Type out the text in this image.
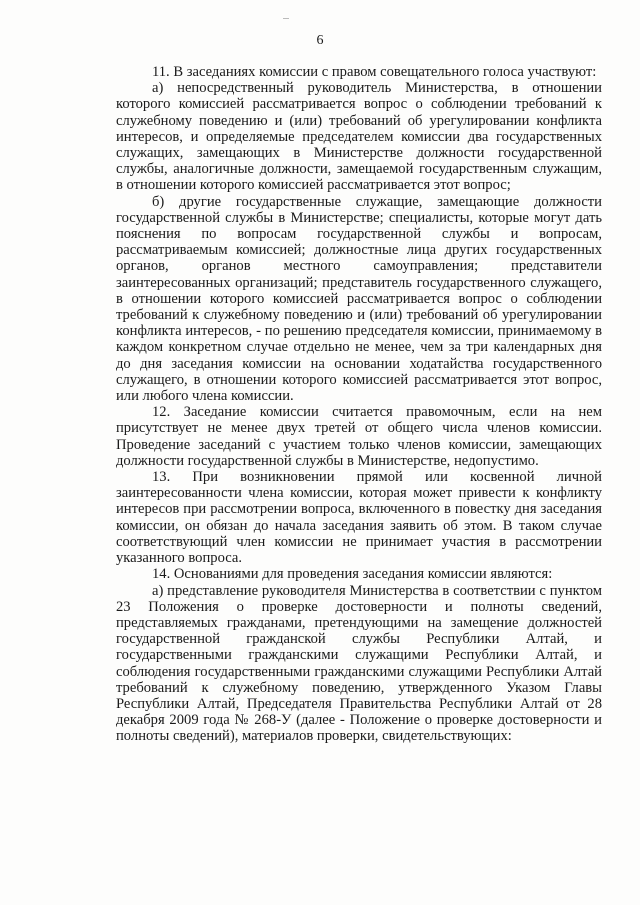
6

11. В заседаниях комиссии с правом совещательного голоса участвуют:

а) непосредственный руководитель Министерства, в отношении которого комиссией рассматривается вопрос о соблюдении требований к служебному поведению и (или) требований об урегулировании конфликта интересов, и определяемые председателем комиссии два государственных служащих, замещающих в Министерстве должности государственной службы, аналогичные должности, замещаемой государственным служащим, в отношении которого комиссией рассматривается этот вопрос;

б) другие государственные служащие, замещающие должности государственной службы в Министерстве; специалисты, которые могут дать пояснения по вопросам государственной службы и вопросам, рассматриваемым комиссией; должностные лица других государственных органов, органов местного самоуправления; представители заинтересованных организаций; представитель государственного служащего, в отношении которого комиссией рассматривается вопрос о соблюдении требований к служебному поведению и (или) требований об урегулировании конфликта интересов, - по решению председателя комиссии, принимаемому в каждом конкретном случае отдельно не менее, чем за три календарных дня до дня заседания комиссии на основании ходатайства государственного служащего, в отношении которого комиссией рассматривается этот вопрос, или любого члена комиссии.

12. Заседание комиссии считается правомочным, если на нем присутствует не менее двух третей от общего числа членов комиссии. Проведение заседаний с участием только членов комиссии, замещающих должности государственной службы в Министерстве, недопустимо.

13. При возникновении прямой или косвенной личной заинтересованности члена комиссии, которая может привести к конфликту интересов при рассмотрении вопроса, включенного в повестку дня заседания комиссии, он обязан до начала заседания заявить об этом. В таком случае соответствующий член комиссии не принимает участия в рассмотрении указанного вопроса.

14. Основаниями для проведения заседания комиссии являются:

а) представление руководителя Министерства в соответствии с пунктом 23 Положения о проверке достоверности и полноты сведений, представляемых гражданами, претендующими на замещение должностей государственной гражданской службы Республики Алтай, и государственными гражданскими служащими Республики Алтай, и соблюдения государственными гражданскими служащими Республики Алтай требований к служебному поведению, утвержденного Указом Главы Республики Алтай, Председателя Правительства Республики Алтай от 28 декабря 2009 года № 268-У (далее - Положение о проверке достоверности и полноты сведений), материалов проверки, свидетельствующих:
